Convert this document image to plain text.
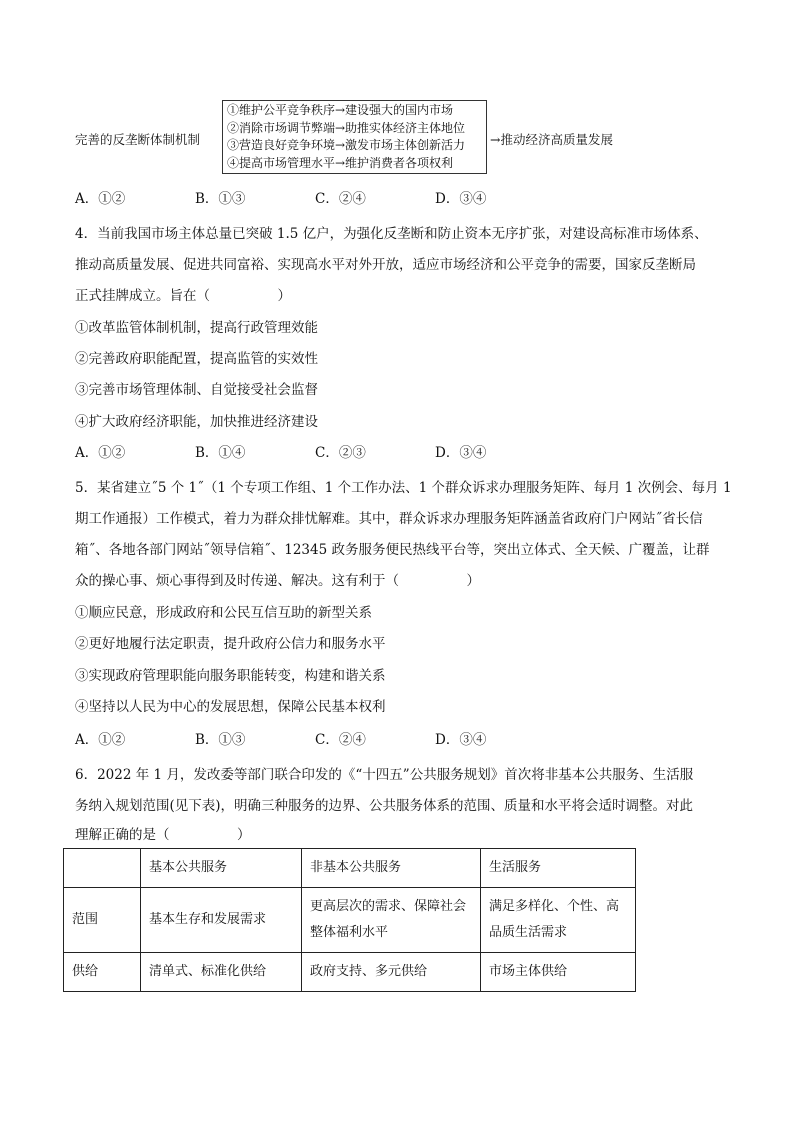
完善的反垄断体制机制
①维护公平竞争秩序→建设强大的国内市场
②消除市场调节弊端→助推实体经济主体地位
③营造良好竞争环境→激发市场主体创新活力
④提高市场管理水平→维护消费者各项权利
→推动经济高质量发展
A．①②	B．①③	C．②④	D．③④
4．当前我国市场主体总量已突破 1.5 亿户，为强化反垄断和防止资本无序扩张，对建设高标准市场体系、
推动高质量发展、促进共同富裕、实现高水平对外开放，适应市场经济和公平竞争的需要，国家反垄断局
正式挂牌成立。旨在（　　　　　）
①改革监管体制机制，提高行政管理效能
②完善政府职能配置，提高监管的实效性
③完善市场管理体制、自觉接受社会监督
④扩大政府经济职能，加快推进经济建设
A．①②	B．①④	C．②③	D．③④
5．某省建立˝5 个 1˝（1 个专项工作组、1 个工作办法、1 个群众诉求办理服务矩阵、每月 1 次例会、每月 1
期工作通报）工作模式，着力为群众排忧解难。其中，群众诉求办理服务矩阵涵盖省政府门户网站˝省长信
箱˝、各地各部门网站˝领导信箱˝、12345 政务服务便民热线平台等，突出立体式、全天候、广覆盖，让群
众的操心事、烦心事得到及时传递、解决。这有利于（　　　　　）
①顺应民意，形成政府和公民互信互助的新型关系
②更好地履行法定职责，提升政府公信力和服务水平
③实现政府管理职能向服务职能转变，构建和谐关系
④坚持以人民为中心的发展思想，保障公民基本权利
A．①②	B．①③	C．②④	D．③④
6．2022 年 1 月，发改委等部门联合印发的《“十四五”公共服务规划》首次将非基本公共服务、生活服
务纳入规划范围(见下表)，明确三种服务的边界、公共服务体系的范围、质量和水平将会适时调整。对此
理解正确的是（　　　　　）
	基本公共服务	非基本公共服务	生活服务
范围	基本生存和发展需求	更高层次的需求、保障社会整体福利水平	满足多样化、个性、高品质生活需求
供给	清单式、标准化供给	政府支持、多元供给	市场主体供给
